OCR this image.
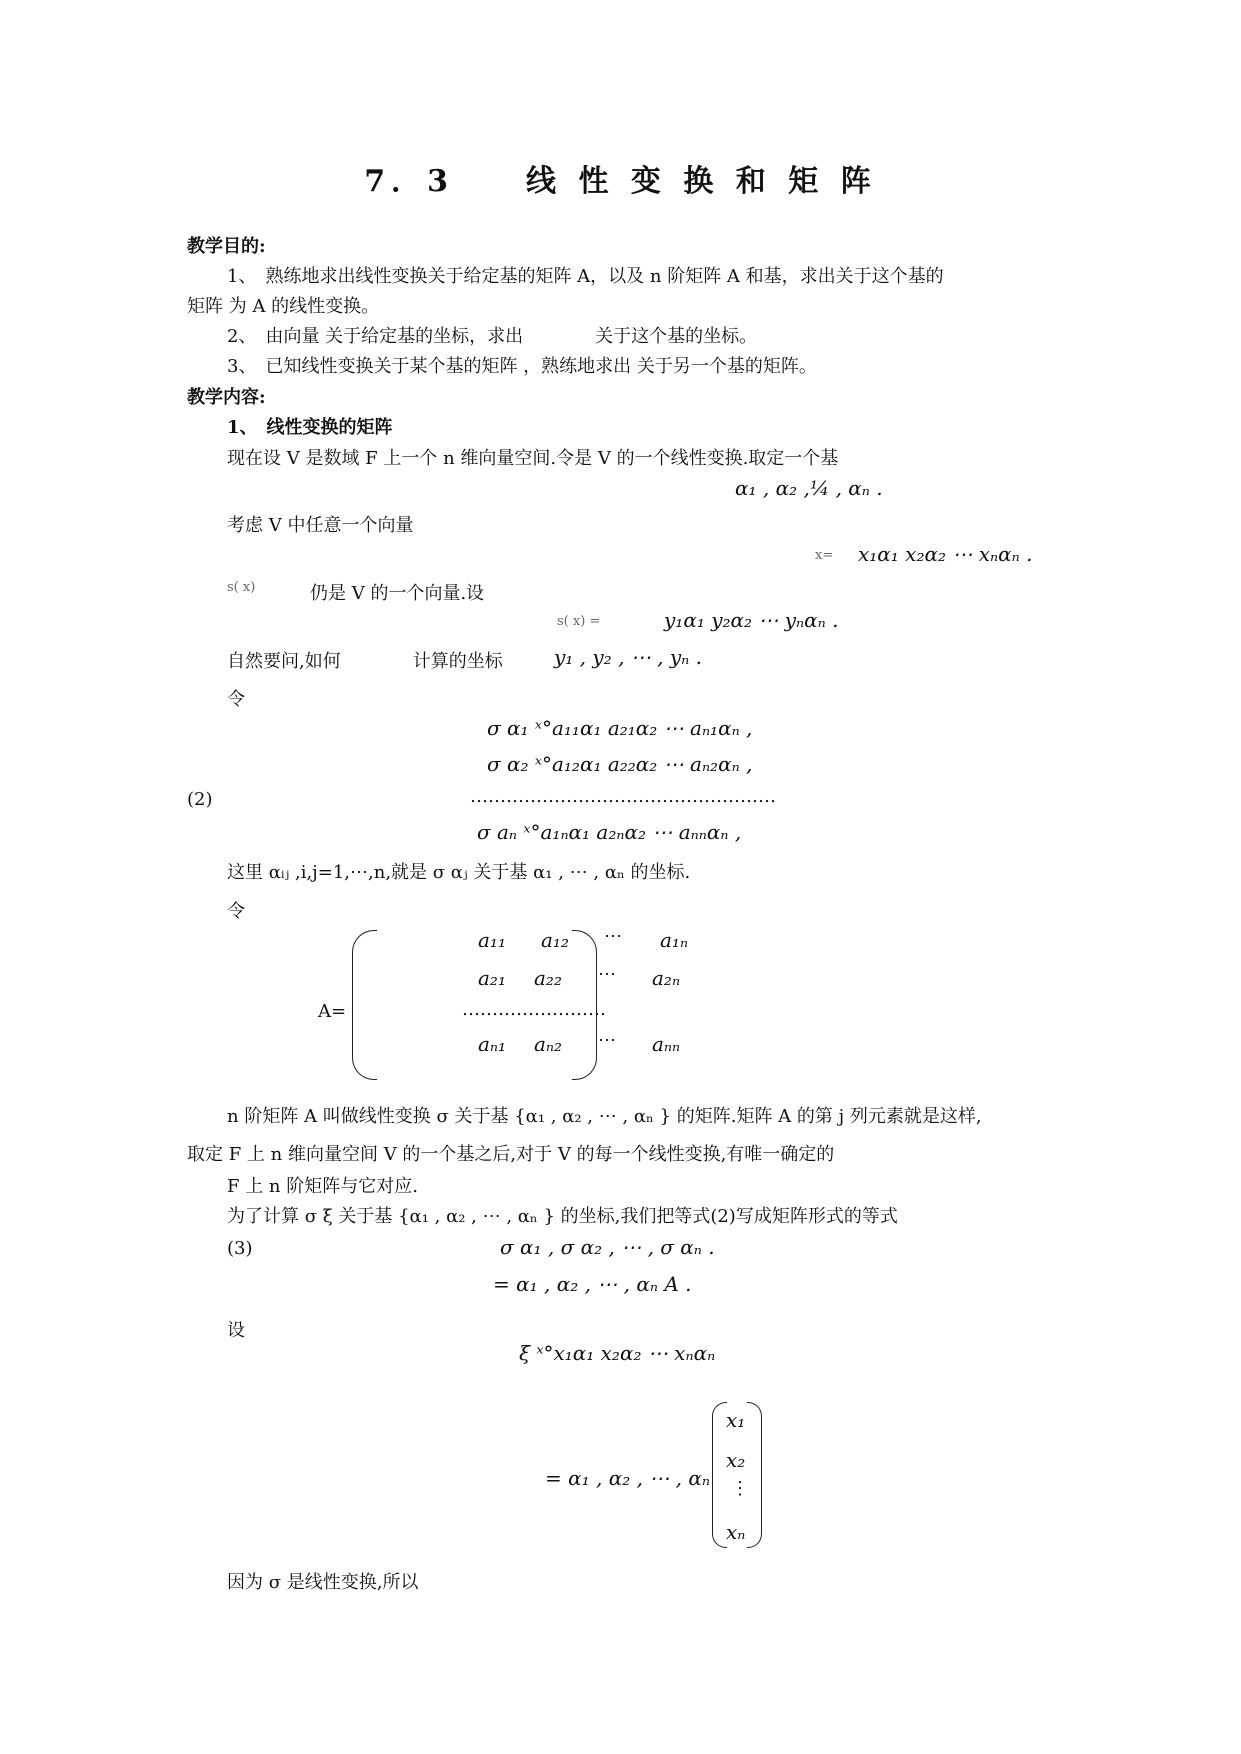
7．3　　线 性 变 换 和 矩 阵
教学目的:
1、　熟练地求出线性变换关于给定基的矩阵 A，以及 n 阶矩阵 A 和基，求出关于这个基的
矩阵 为 A 的线性变换。
2、　由向量 关于给定基的坐标，求出　　　　关于这个基的坐标。
3、　已知线性变换关于某个基的矩阵 ，熟练地求出 关于另一个基的矩阵。
教学内容:
1、　线性变换的矩阵
现在设 V 是数域 F 上一个 n 维向量空间.令是 V 的一个线性变换.取定一个基
α₁ , α₂ ,¼ , αₙ .
考虑 V 中任意一个向量
x= x₁α₁ x₂α₂ ⋯ xₙαₙ .
s( x)	仍是 V 的一个向量.设
s( x) =	y₁α₁ y₂α₂ ⋯ yₙαₙ .
自然要问,如何　　　　计算的坐标	y₁ , y₂ , ⋯ , yₙ .
令
σ α₁ ˣ°a₁₁α₁ a₂₁α₂ ⋯ aₙ₁αₙ ,
σ α₂ ˣ°a₁₂α₁ a₂₂α₂ ⋯ aₙ₂αₙ ,
(2)	……………………………………………
σ aₙ ˣ°a₁ₙα₁ a₂ₙα₂ ⋯ aₙₙαₙ ,
这里 αᵢⱼ ,i,j=1,⋯,n,就是 σ αⱼ 关于基 α₁ , ⋯ , αₙ 的坐标.
令
A=
a₁₁ a₁₂ ⋯ a₁ₙ
a₂₁ a₂₂ ⋯ a₂ₙ
……………………
aₙ₁ aₙ₂ ⋯ aₙₙ
n 阶矩阵 A 叫做线性变换 σ 关于基 {α₁ , α₂ , ⋯ , αₙ } 的矩阵.矩阵 A 的第 j 列元素就是这样,
取定 F 上 n 维向量空间 V 的一个基之后,对于 V 的每一个线性变换,有唯一确定的
F 上 n 阶矩阵与它对应.
为了计算 σ ξ 关于基 {α₁ , α₂ , ⋯ , αₙ } 的坐标,我们把等式(2)写成矩阵形式的等式
(3)	σ α₁ , σ α₂ , ⋯ , σ αₙ .
= α₁ , α₂ , ⋯ , αₙ A .
设
ξ ˣ°x₁α₁ x₂α₂ ⋯ xₙαₙ
= α₁ , α₂ , ⋯ , αₙ
x₁
x₂
⋮
xₙ
因为 σ 是线性变换,所以
